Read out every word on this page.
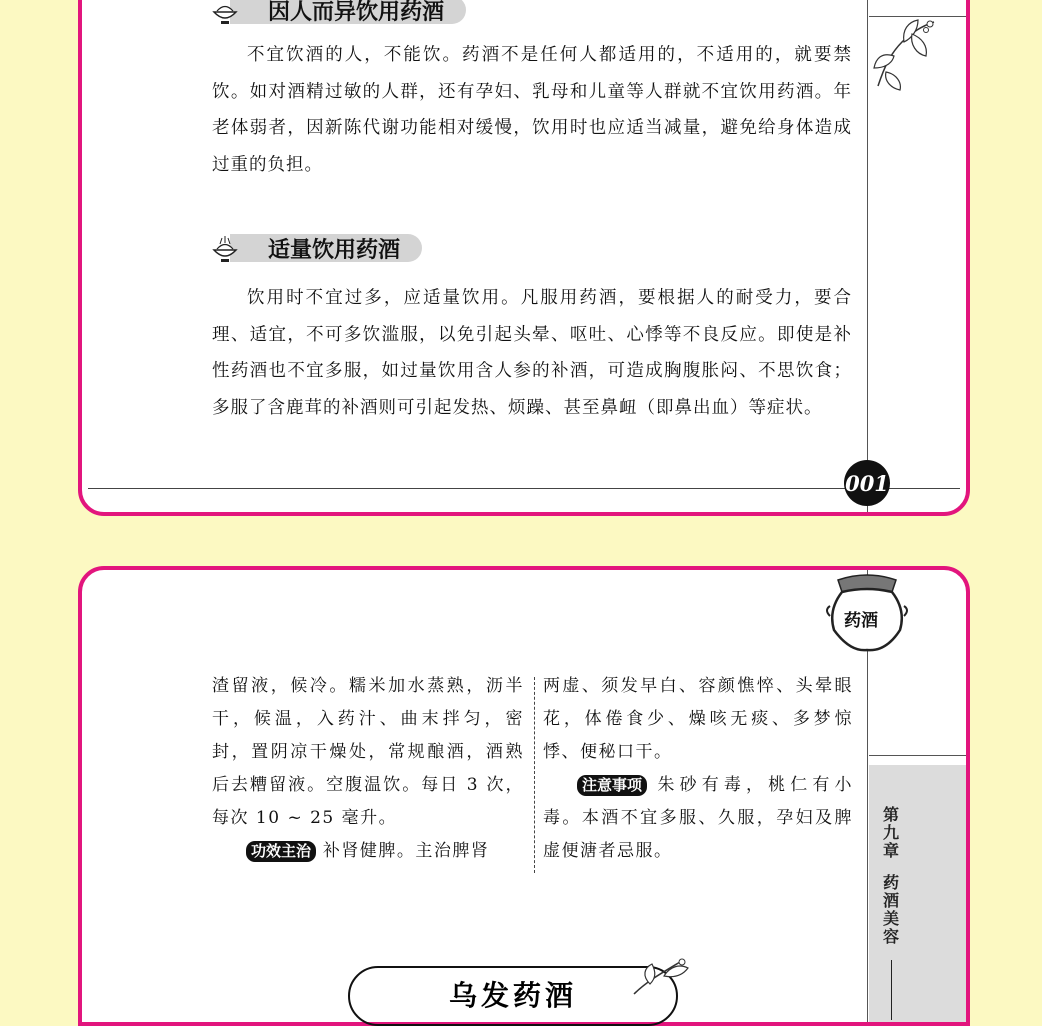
因人而异饮用药酒
不宜饮酒的人，不能饮。药酒不是任何人都适用的，不适用的，就要禁饮。如对酒精过敏的人群，还有孕妇、乳母和儿童等人群就不宜饮用药酒。年老体弱者，因新陈代谢功能相对缓慢，饮用时也应适当减量，避免给身体造成过重的负担。
适量饮用药酒
饮用时不宜过多，应适量饮用。凡服用药酒，要根据人的耐受力，要合理、适宜，不可多饮滥服，以免引起头晕、呕吐、心悸等不良反应。即使是补性药酒也不宜多服，如过量饮用含人参的补酒，可造成胸腹胀闷、不思饮食；多服了含鹿茸的补酒则可引起发热、烦躁、甚至鼻衄（即鼻出血）等症状。
001
药酒

渣留液，候冷。糯米加水蒸熟，沥半干，候温，入药汁、曲末拌匀，密封，置阴凉干燥处，常规酿酒，酒熟后去糟留液。空腹温饮。每日 3 次，每次 10 ~ 25 毫升。

功效主治 补肾健脾。主治脾肾

两虚、须发早白、容颜憔悴、头晕眼花，体倦食少、燥咳无痰、多梦惊悸、便秘口干。

注意事项 朱砂有毒，桃仁有小毒。本酒不宜多服、久服，孕妇及脾虚便溏者忌服。

第九章
药酒美容
乌发药酒
